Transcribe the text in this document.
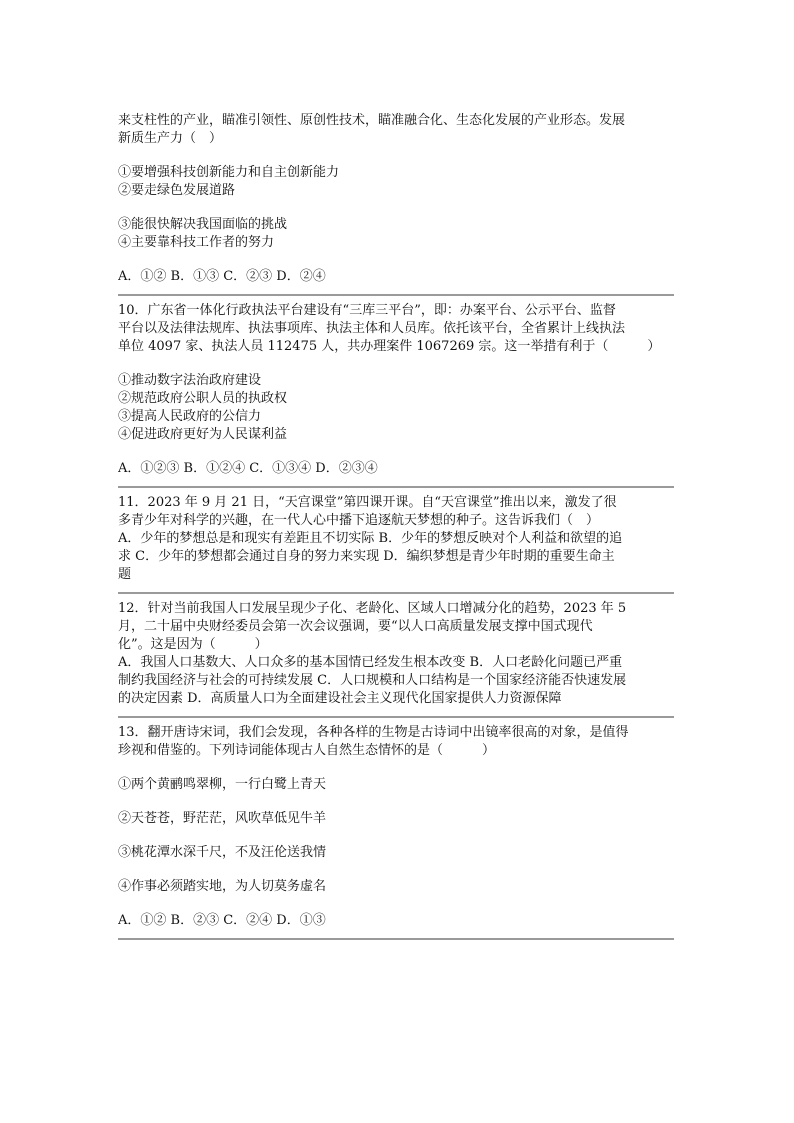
来支柱性的产业，瞄准引领性、原创性技术，瞄准融合化、生态化发展的产业形态。发展
新质生产力（　）
①要增强科技创新能力和自主创新能力
②要走绿色发展道路
③能很快解决我国面临的挑战
④主要靠科技工作者的努力
A．①② B．①③ C．②③ D．②④
10．广东省一体化行政执法平台建设有“三库三平台”，即：办案平台、公示平台、监督
平台以及法律法规库、执法事项库、执法主体和人员库。依托该平台，全省累计上线执法
单位 4097 家、执法人员 112475 人，共办理案件 1067269 宗。这一举措有利于（　　　）
①推动数字法治政府建设
②规范政府公职人员的执政权
③提高人民政府的公信力
④促进政府更好为人民谋利益
A．①②③ B．①②④ C．①③④ D．②③④
11．2023 年 9 月 21 日，“天宫课堂”第四课开课。自“天宫课堂”推出以来，激发了很
多青少年对科学的兴趣，在一代人心中播下追逐航天梦想的种子。这告诉我们（　）
A．少年的梦想总是和现实有差距且不切实际 B．少年的梦想反映对个人利益和欲望的追
求 C．少年的梦想都会通过自身的努力来实现 D．编织梦想是青少年时期的重要生命主
题
12．针对当前我国人口发展呈现少子化、老龄化、区域人口增减分化的趋势，2023 年 5
月，二十届中央财经委员会第一次会议强调，要“以人口高质量发展支撑中国式现代
化”。这是因为（　　　）
A．我国人口基数大、人口众多的基本国情已经发生根本改变 B．人口老龄化问题已严重
制约我国经济与社会的可持续发展 C．人口规模和人口结构是一个国家经济能否快速发展
的决定因素 D．高质量人口为全面建设社会主义现代化国家提供人力资源保障
13．翻开唐诗宋词，我们会发现，各种各样的生物是古诗词中出镜率很高的对象，是值得
珍视和借鉴的。下列诗词能体现古人自然生态情怀的是（　　　）
①两个黄鹂鸣翠柳，一行白鹭上青天
②天苍苍，野茫茫，风吹草低见牛羊
③桃花潭水深千尺，不及汪伦送我情
④作事必须踏实地，为人切莫务虚名
A．①② B．②③ C．②④ D．①③
